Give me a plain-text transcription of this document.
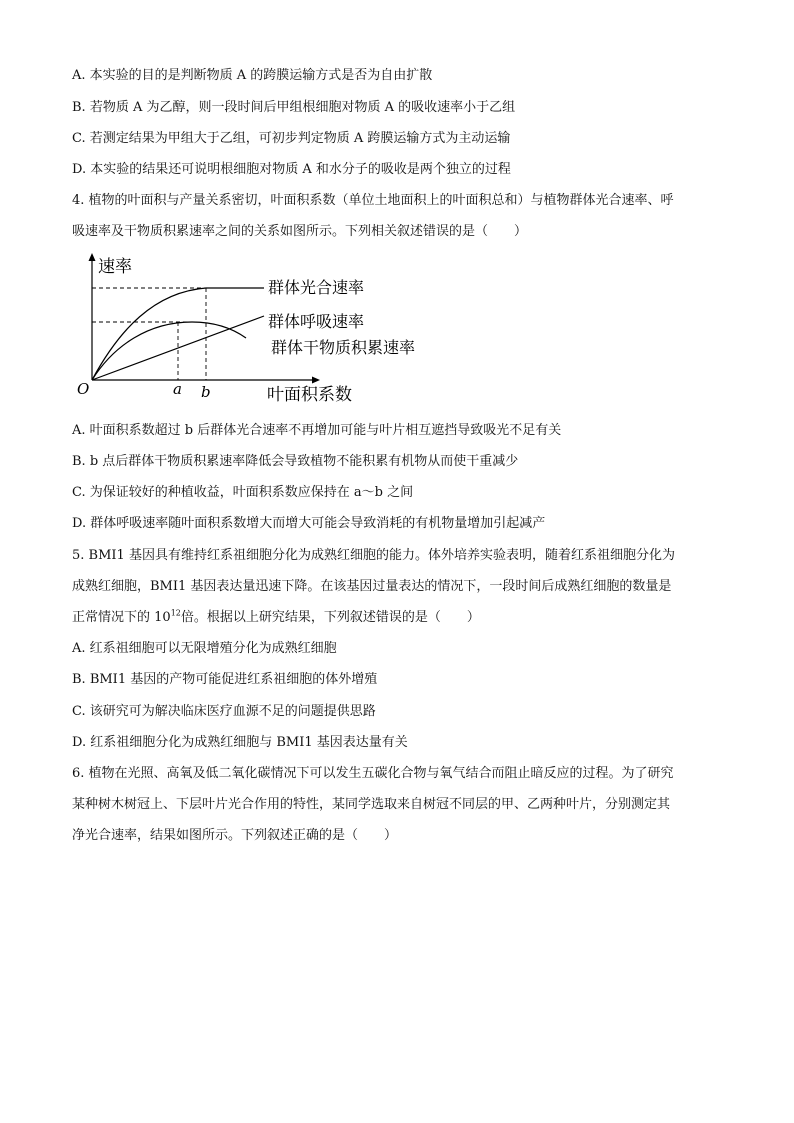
A. 本实验的目的是判断物质 A 的跨膜运输方式是否为自由扩散
B. 若物质 A 为乙醇，则一段时间后甲组根细胞对物质 A 的吸收速率小于乙组
C. 若测定结果为甲组大于乙组，可初步判定物质 A 跨膜运输方式为主动运输
D. 本实验的结果还可说明根细胞对物质 A 和水分子的吸收是两个独立的过程
4. 植物的叶面积与产量关系密切，叶面积系数（单位土地面积上的叶面积总和）与植物群体光合速率、呼
吸速率及干物质积累速率之间的关系如图所示。下列相关叙述错误的是（　　）
速率
叶面积系数
O	a b
群体光合速率
群体呼吸速率
群体干物质积累速率
A. 叶面积系数超过 b 后群体光合速率不再增加可能与叶片相互遮挡导致吸光不足有关
B. b 点后群体干物质积累速率降低会导致植物不能积累有机物从而使干重减少
C. 为保证较好的种植收益，叶面积系数应保持在 a～b 之间
D. 群体呼吸速率随叶面积系数增大而增大可能会导致消耗的有机物量增加引起减产
5. BMI1 基因具有维持红系祖细胞分化为成熟红细胞的能力。体外培养实验表明，随着红系祖细胞分化为
成熟红细胞，BMI1 基因表达量迅速下降。在该基因过量表达的情况下，一段时间后成熟红细胞的数量是
正常情况下的 $10^{12}$倍。根据以上研究结果，下列叙述错误的是（　　）
A. 红系祖细胞可以无限增殖分化为成熟红细胞
B. BMI1 基因的产物可能促进红系祖细胞的体外增殖
C. 该研究可为解决临床医疗血源不足的问题提供思路
D. 红系祖细胞分化为成熟红细胞与 BMI1 基因表达量有关
6. 植物在光照、高氧及低二氧化碳情况下可以发生五碳化合物与氧气结合而阻止暗反应的过程。为了研究
某种树木树冠上、下层叶片光合作用的特性，某同学选取来自树冠不同层的甲、乙两种叶片，分别测定其
净光合速率，结果如图所示。下列叙述正确的是（　　）
